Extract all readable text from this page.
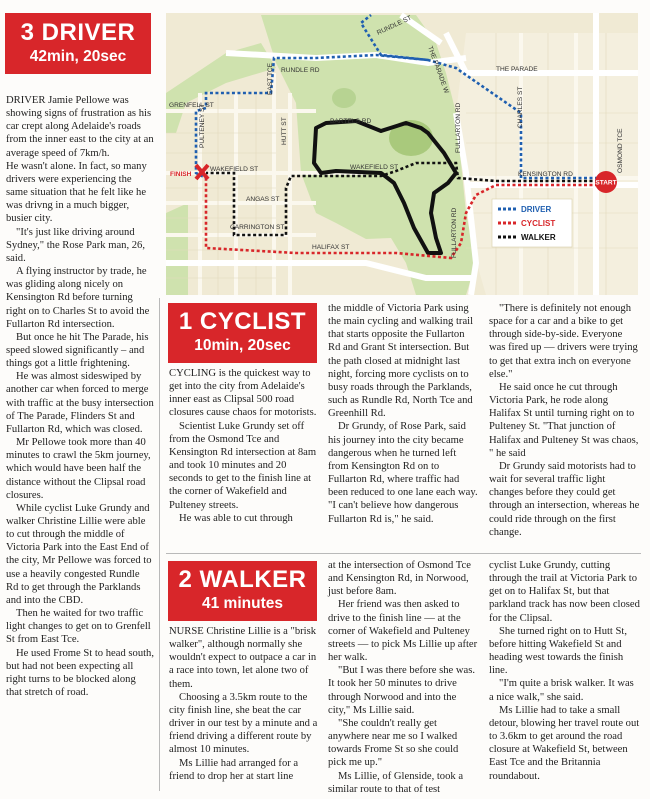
RUNDLE ST
RUNDLE RD	THE PARADE
THE PARADE W
GRENFELL ST
EAST TCE
PULTENEY ST	HUTT ST	BARTELS RD	CHARLES ST
FULLARTON RD	OSMOND TCE
WAKEFIELD ST	WAKEFIELD ST
KENSINGTON RD
ANGAS ST
CARRINGTON ST
HALIFAX ST	FULLARTON RD
FINISH
START
DRIVER
CYCLIST
WALKER
3 DRIVER
42min, 20sec

DRIVER Jamie Pellowe was showing signs of frustration as his car crept along Adelaide's roads from the inner east to the city at an average speed of 7km/h.

He wasn't alone. In fact, so many drivers were experiencing the same situation that he felt like he was drivng in a much bigger, busier city.

"It's just like driving around Sydney," the Rose Park man, 26, said.

A flying instructor by trade, he was gliding along nicely on Kensington Rd before turning right on to Charles St to avoid the Fullarton Rd intersection.

But once he hit The Parade, his speed slowed significantly – and things got a little frightening.

He was almost sideswiped by another car when forced to merge with traffic at the busy intersection of The Parade, Flinders St and Fullarton Rd, which was closed.

Mr Pellowe took more than 40 minutes to crawl the 5km journey, which would have been half the distance without the Clipsal road closures.

While cyclist Luke Grundy and walker Christine Lillie were able to cut through the middle of Victoria Park into the East End of the city, Mr Pellowe was forced to use a heavily congested Rundle Rd to get through the Parklands and into the CBD.

Then he waited for two traffic light changes to get on to Grenfell St from East Tce.

He used Frome St to head south, but had not been expecting all right turns to be blocked along that stretch of road.

1 CYCLIST
10min, 20sec

CYCLING is the quickest way to get into the city from Adelaide's inner east as Clipsal 500 road closures cause chaos for motorists.

Scientist Luke Grundy set off from the Osmond Tce and Kensington Rd intersection at 8am and took 10 minutes and 20 seconds to get to the finish line at the corner of Wakefield and Pulteney streets.

He was able to cut through

the middle of Victoria Park using the main cycling and walking trail that starts opposite the Fullarton Rd and Grant St intersection. But the path closed at midnight last night, forcing more cyclists on to busy roads through the Parklands, such as Rundle Rd, North Tce and Greenhill Rd.

Dr Grundy, of Rose Park, said his journey into the city became dangerous when he turned left from Kensington Rd on to Fullarton Rd, where traffic had been reduced to one lane each way. "I can't believe how dangerous Fullarton Rd is," he said.

"There is definitely not enough space for a car and a bike to get through side-by-side. Everyone was fired up — drivers were trying to get that extra inch on everyone else."

He said once he cut through Victoria Park, he rode along Halifax St until turning right on to Pulteney St. "That junction of Halifax and Pulteney St was chaos, " he said

Dr Grundy said motorists had to wait for several traffic light changes before they could get through an intersection, whereas he could ride through on the first change.

2 WALKER
41 minutes

NURSE Christine Lillie is a "brisk walker", although normally she wouldn't expect to outpace a car in a race into town, let alone two of them.

Choosing a 3.5km route to the city finish line, she beat the car driver in our test by a minute and a friend driving a different route by almost 10 minutes.

Ms Lillie had arranged for a friend to drop her at start line

at the intersection of Osmond Tce and Kensington Rd, in Norwood, just before 8am.

Her friend was then asked to drive to the finish line — at the corner of Wakefield and Pulteney streets — to pick Ms Lillie up after her walk.

"But I was there before she was. It took her 50 minutes to drive through Norwood and into the city," Ms Lillie said.

"She couldn't really get anywhere near me so I walked towards Frome St so she could pick me up."

Ms Lillie, of Glenside, took a similar route to that of test

cyclist Luke Grundy, cutting through the trail at Victoria Park to get on to Halifax St, but that parkland track has now been closed for the Clipsal.

She turned right on to Hutt St, before hitting Wakefield St and heading west towards the finish line.

"I'm quite a brisk walker. It was a nice walk," she said.

Ms Lillie had to take a small detour, blowing her travel route out to 3.6km to get around the road closure at Wakefield St, between East Tce and the Britannia roundabout.
